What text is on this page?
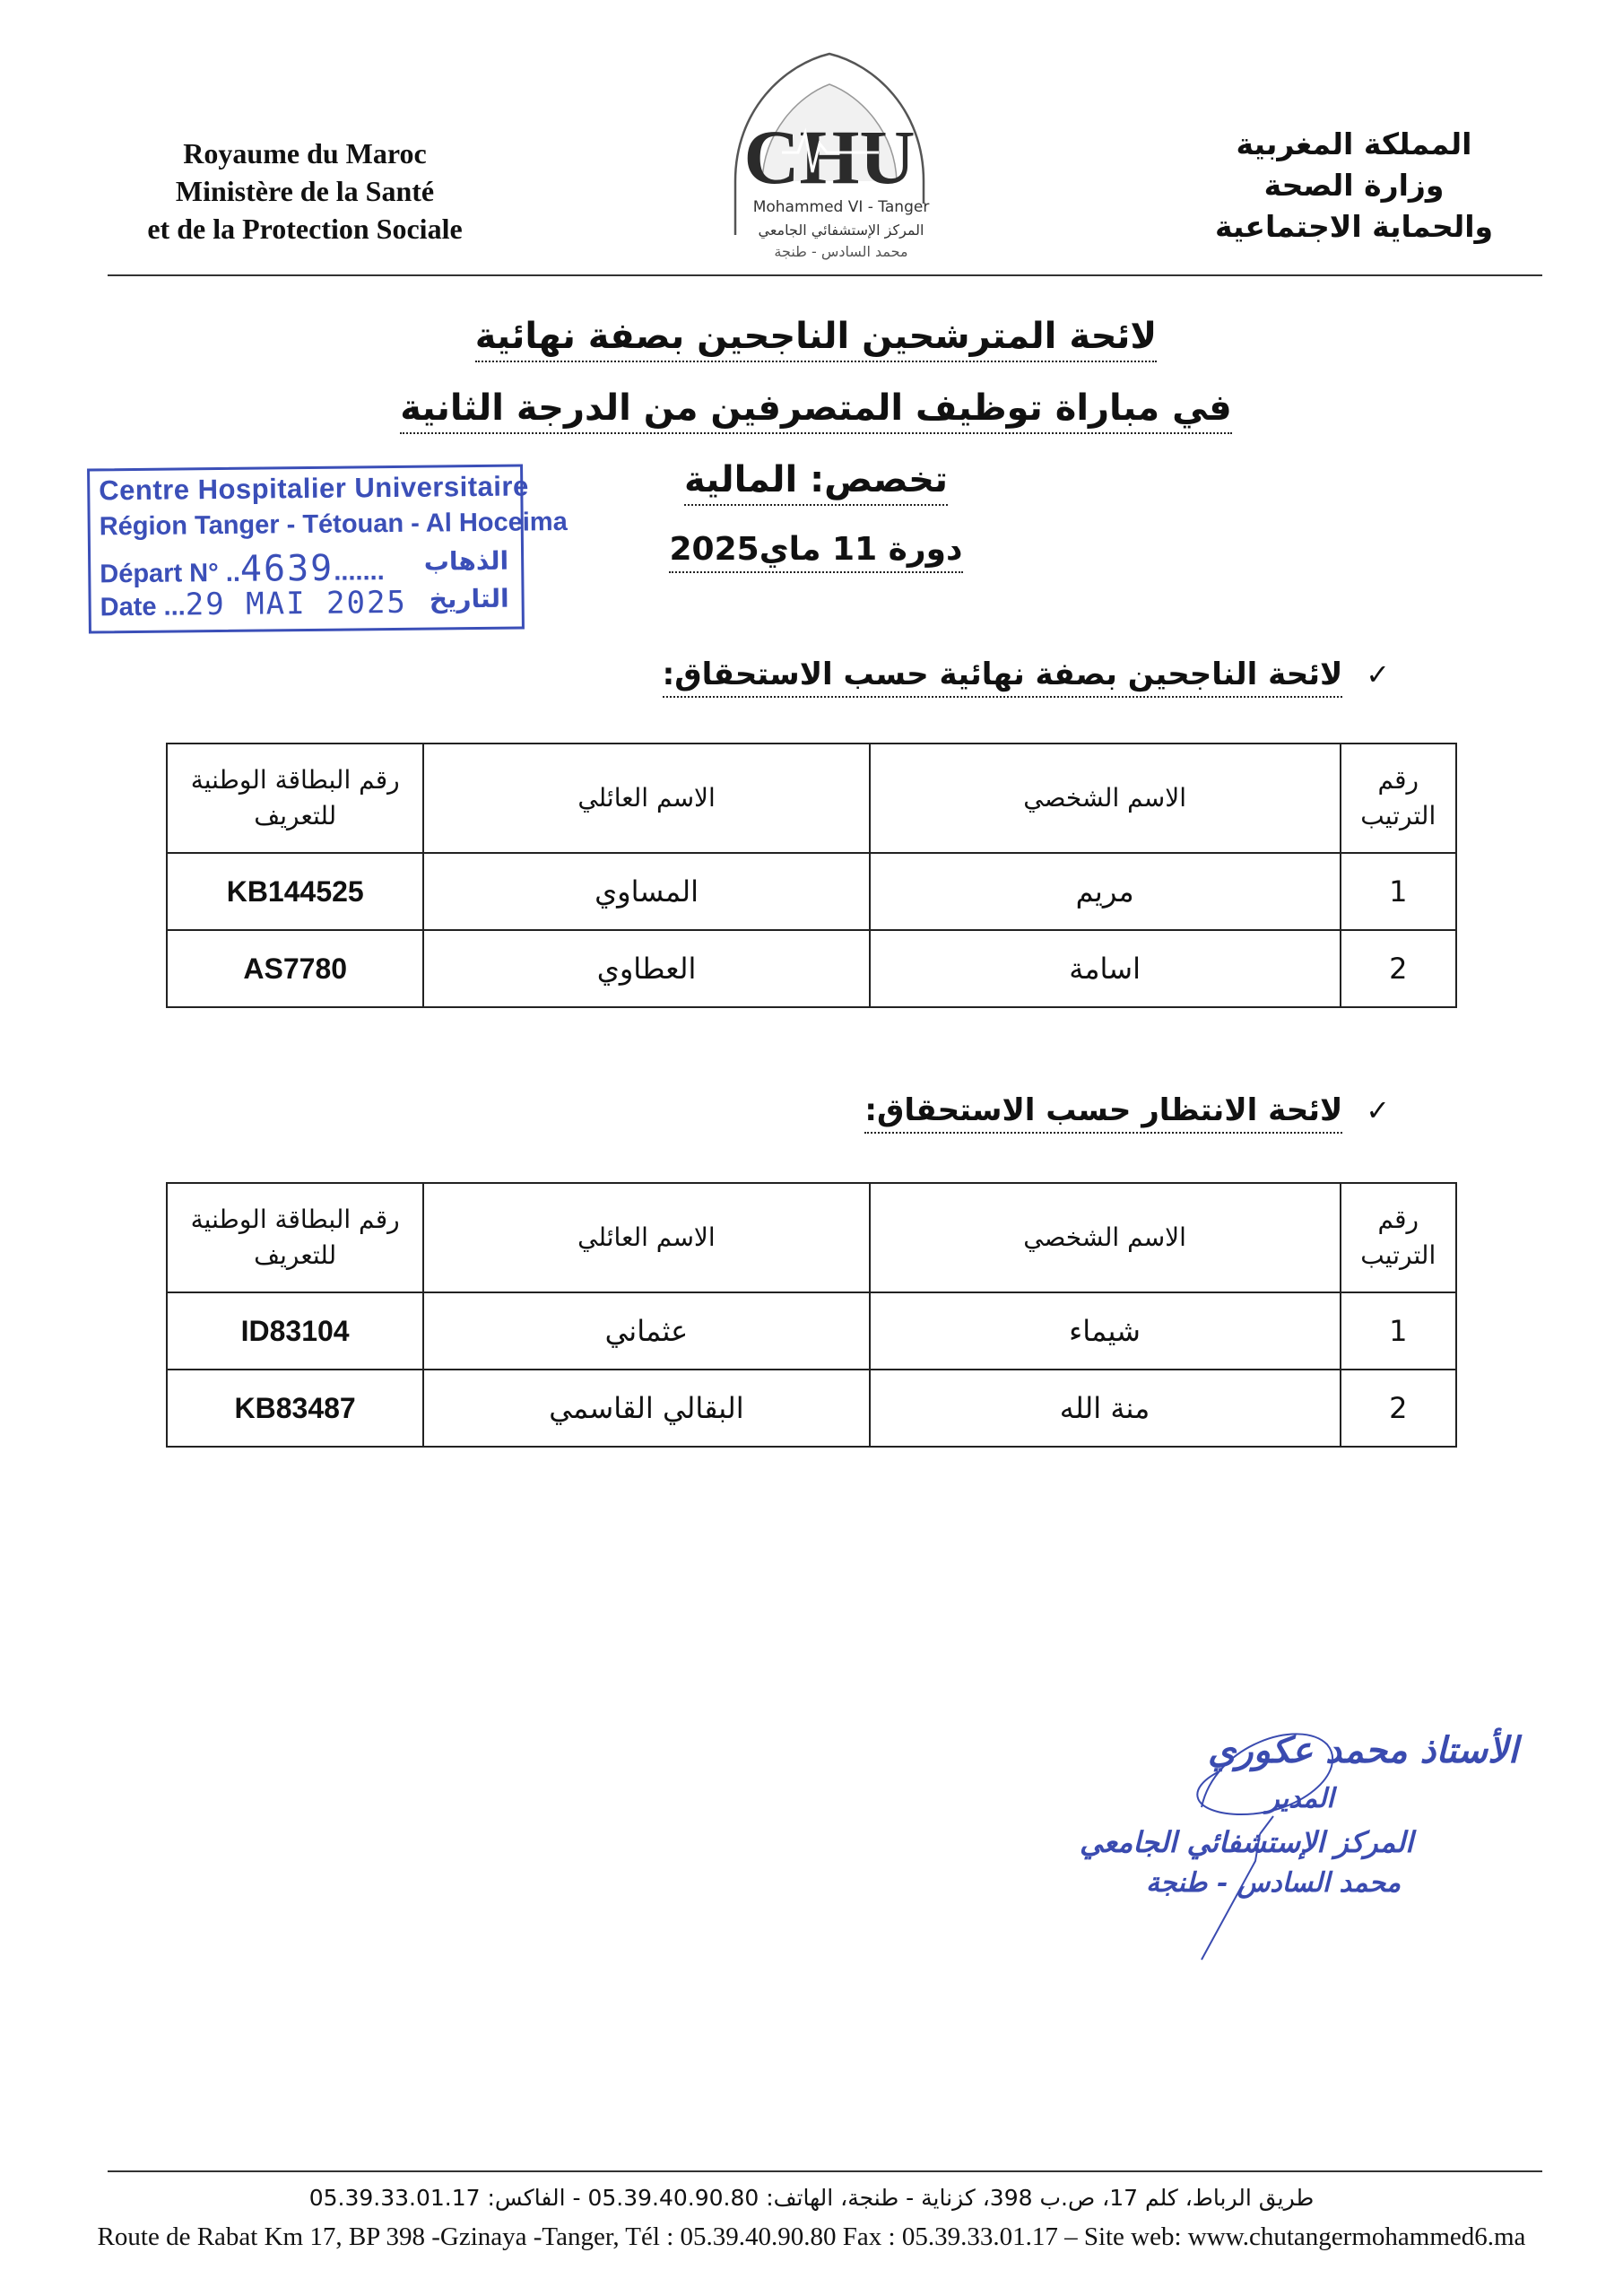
Royaume du Maroc
Ministère de la Santé
et de la Protection Sociale
المملكة المغربية
وزارة الصحة
والحماية الاجتماعية
CHU
Mohammed VI - Tanger
المركز الإستشفائي الجامعي
محمد السادس - طنجة
لائحة المترشحين الناجحين بصفة نهائية
في مباراة توظيف المتصرفين من الدرجة الثانية
تخصص: المالية
دورة 11 ماي2025
Centre Hospitalier Universitaire
Région Tanger - Tétouan - Al Hoceima
Départ N° ..4639....... الذهاب
Date ...29 MAI 2025 التاريخ
✓ لائحة الناجحين بصفة نهائية حسب الاستحقاق:
رقم الترتيب	الاسم الشخصي	الاسم العائلي	رقم البطاقة الوطنية للتعريف
1	مريم	المساوي	KB144525
2	اسامة	العطاوي	AS7780
✓ لائحة الانتظار حسب الاستحقاق:
رقم الترتيب	الاسم الشخصي	الاسم العائلي	رقم البطاقة الوطنية للتعريف
1	شيماء	عثماني	ID83104
2	منة الله	البقالي القاسمي	KB83487
الأستاذ محمد عكوري
المدير
المركز الإستشفائي الجامعي
محمد السادس - طنجة
طريق الرباط، كلم 17، ص.ب 398، كزناية - طنجة، الهاتف: 05.39.40.90.80 - الفاكس: 05.39.33.01.17
Route de Rabat Km 17, BP 398 -Gzinaya -Tanger, Tél : 05.39.40.90.80 Fax : 05.39.33.01.17 – Site web: www.chutangermohammed6.ma
